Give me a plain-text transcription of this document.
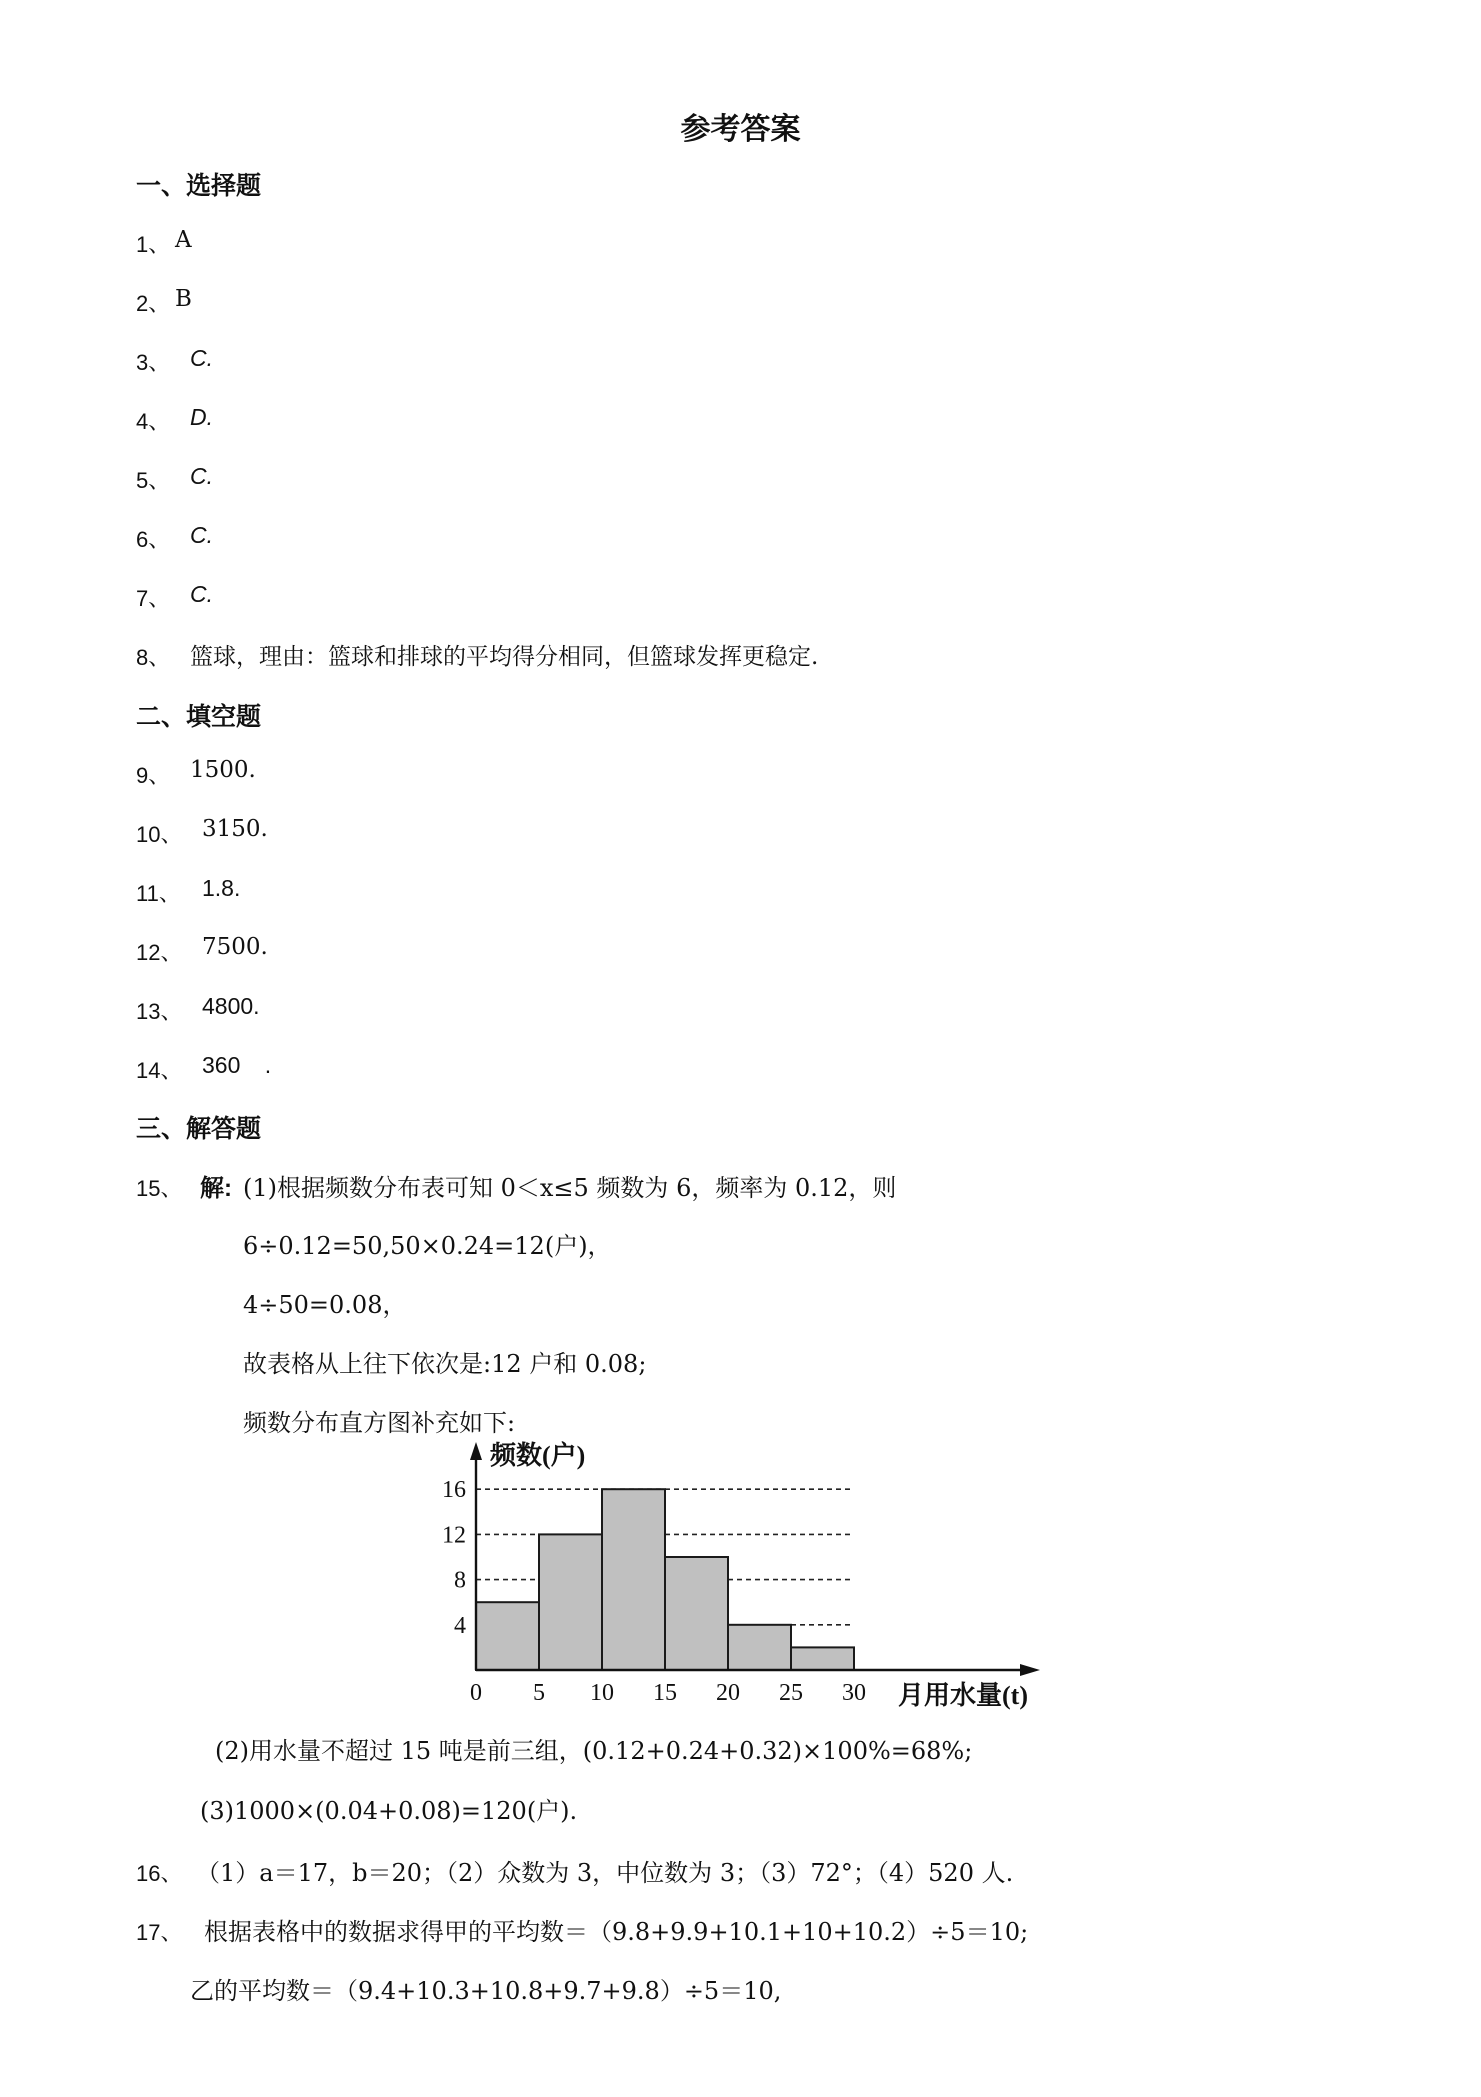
参考答案
一、选择题
1、 A
2、 B
3、 C.
4、 D.
5、 C.
6、 C.
7、 C.
8、 篮球，理由：篮球和排球的平均得分相同，但篮球发挥更稳定.
二、填空题
9、 1500.
10、 3150.
11、 1.8.
12、 7500.
13、 4800.
14、 360 .
三、解答题
15、 解: (1)根据频数分布表可知 0＜x≤5 频数为 6，频率为 0.12，则
6÷0.12=50,50×0.24=12(户)，
4÷50=0.08，
故表格从上往下依次是:12 户和 0.08;
频数分布直方图补充如下:
4
8
12
16
0 5 10 15 20 25 30
频数(户)
月用水量(t)
(2)用水量不超过 15 吨是前三组，(0.12+0.24+0.32)×100%=68%;
(3)1000×(0.04+0.08)=120(户).
16、 （1）a＝17，b＝20；（2）众数为 3，中位数为 3；（3）72°；（4）520 人.
17、 根据表格中的数据求得甲的平均数＝（9.8+9.9+10.1+10+10.2）÷5＝10;
乙的平均数＝（9.4+10.3+10.8+9.7+9.8）÷5＝10,
